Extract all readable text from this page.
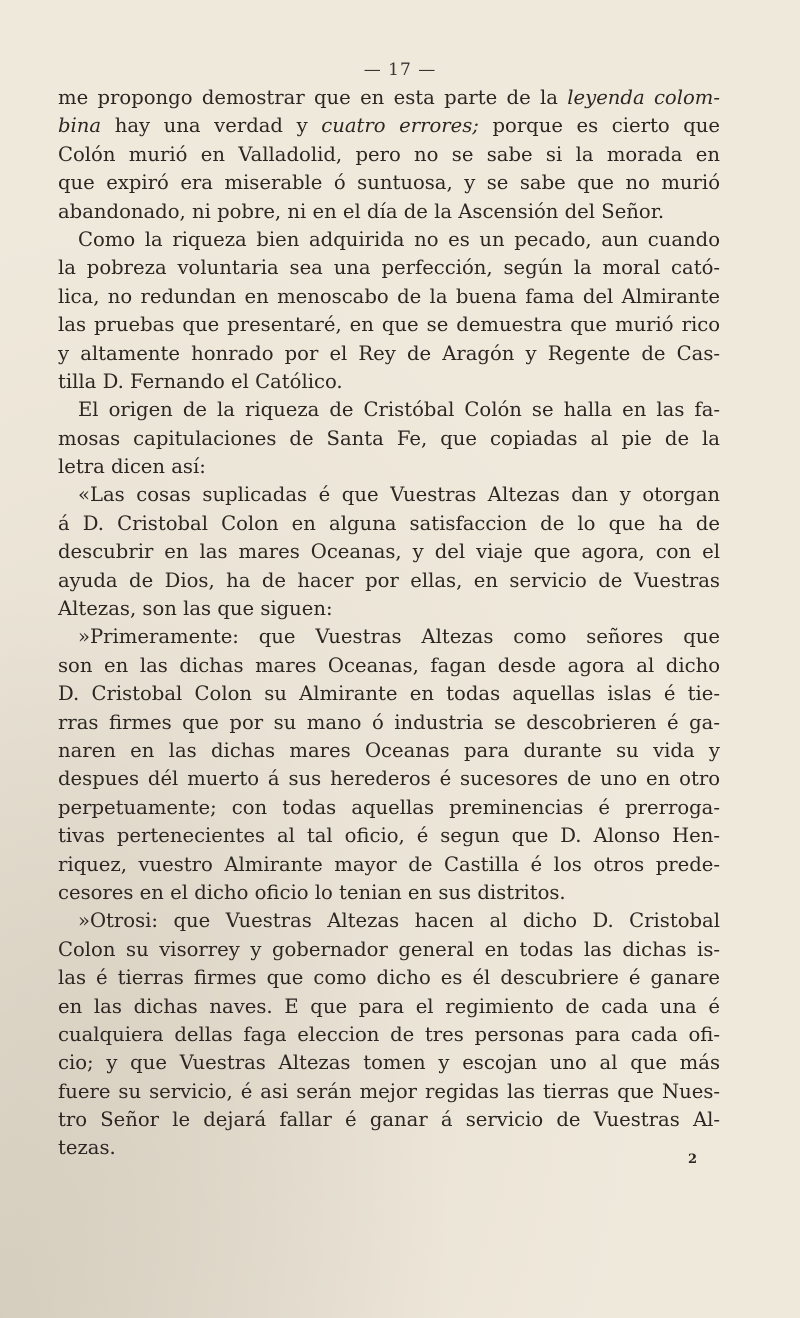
— 17 —
me propongo demostrar que en esta parte de la leyenda colom-
bina hay una verdad y cuatro errores; porque es cierto que
Colón murió en Valladolid, pero no se sabe si la morada en
que expiró era miserable ó suntuosa, y se sabe que no murió
abandonado, ni pobre, ni en el día de la Ascensión del Señor.
Como la riqueza bien adquirida no es un pecado, aun cuando
la pobreza voluntaria sea una perfección, según la moral cató-
lica, no redundan en menoscabo de la buena fama del Almirante
las pruebas que presentaré, en que se demuestra que murió rico
y altamente honrado por el Rey de Aragón y Regente de Cas-
tilla D. Fernando el Católico.
El origen de la riqueza de Cristóbal Colón se halla en las fa-
mosas capitulaciones de Santa Fe, que copiadas al pie de la
letra dicen así:
«Las cosas suplicadas é que Vuestras Altezas dan y otorgan
á D. Cristobal Colon en alguna satisfaccion de lo que ha de
descubrir en las mares Oceanas, y del viaje que agora, con el
ayuda de Dios, ha de hacer por ellas, en servicio de Vuestras
Altezas, son las que siguen:
»Primeramente: que Vuestras Altezas como señores que
son en las dichas mares Oceanas, fagan desde agora al dicho
D. Cristobal Colon su Almirante en todas aquellas islas é tie-
rras firmes que por su mano ó industria se descobrieren é ga-
naren en las dichas mares Oceanas para durante su vida y
despues dél muerto á sus herederos é sucesores de uno en otro
perpetuamente; con todas aquellas preminencias é prerroga-
tivas pertenecientes al tal oficio, é segun que D. Alonso Hen-
riquez, vuestro Almirante mayor de Castilla é los otros prede-
cesores en el dicho oficio lo tenian en sus distritos.
»Otrosi: que Vuestras Altezas hacen al dicho D. Cristobal
Colon su visorrey y gobernador general en todas las dichas is-
las é tierras firmes que como dicho es él descubriere é ganare
en las dichas naves. E que para el regimiento de cada una é
cualquiera dellas faga eleccion de tres personas para cada ofi-
cio; y que Vuestras Altezas tomen y escojan uno al que más
fuere su servicio, é asi serán mejor regidas las tierras que Nues-
tro Señor le dejará fallar é ganar á servicio de Vuestras Al-
tezas.
2
